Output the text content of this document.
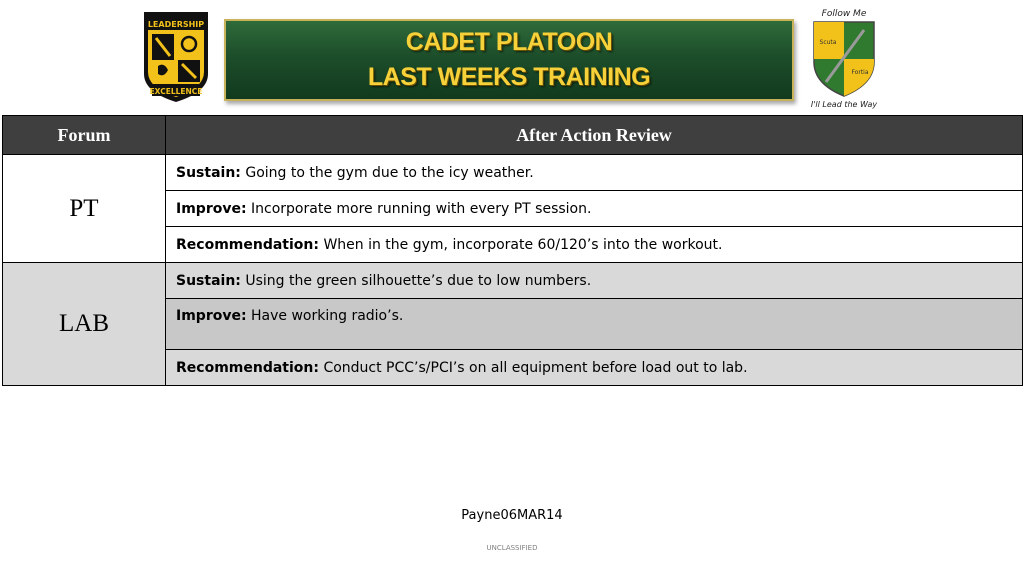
LEADERSHIP
EXCELLENCE
CADET PLATOON
LAST WEEKS TRAINING
Follow Me
Scuta
Fortia
I'll Lead the Way
Forum	After Action Review
PT	Sustain: Going to the gym due to the icy weather.
	Improve: Incorporate more running with every PT session.
	Recommendation: When in the gym, incorporate 60/120’s into the workout.
LAB	Sustain: Using the green silhouette’s due to low numbers.
	Improve: Have working radio’s.
	Recommendation: Conduct PCC’s/PCI’s on all equipment before load out to lab.
Payne06MAR14
UNCLASSIFIED
